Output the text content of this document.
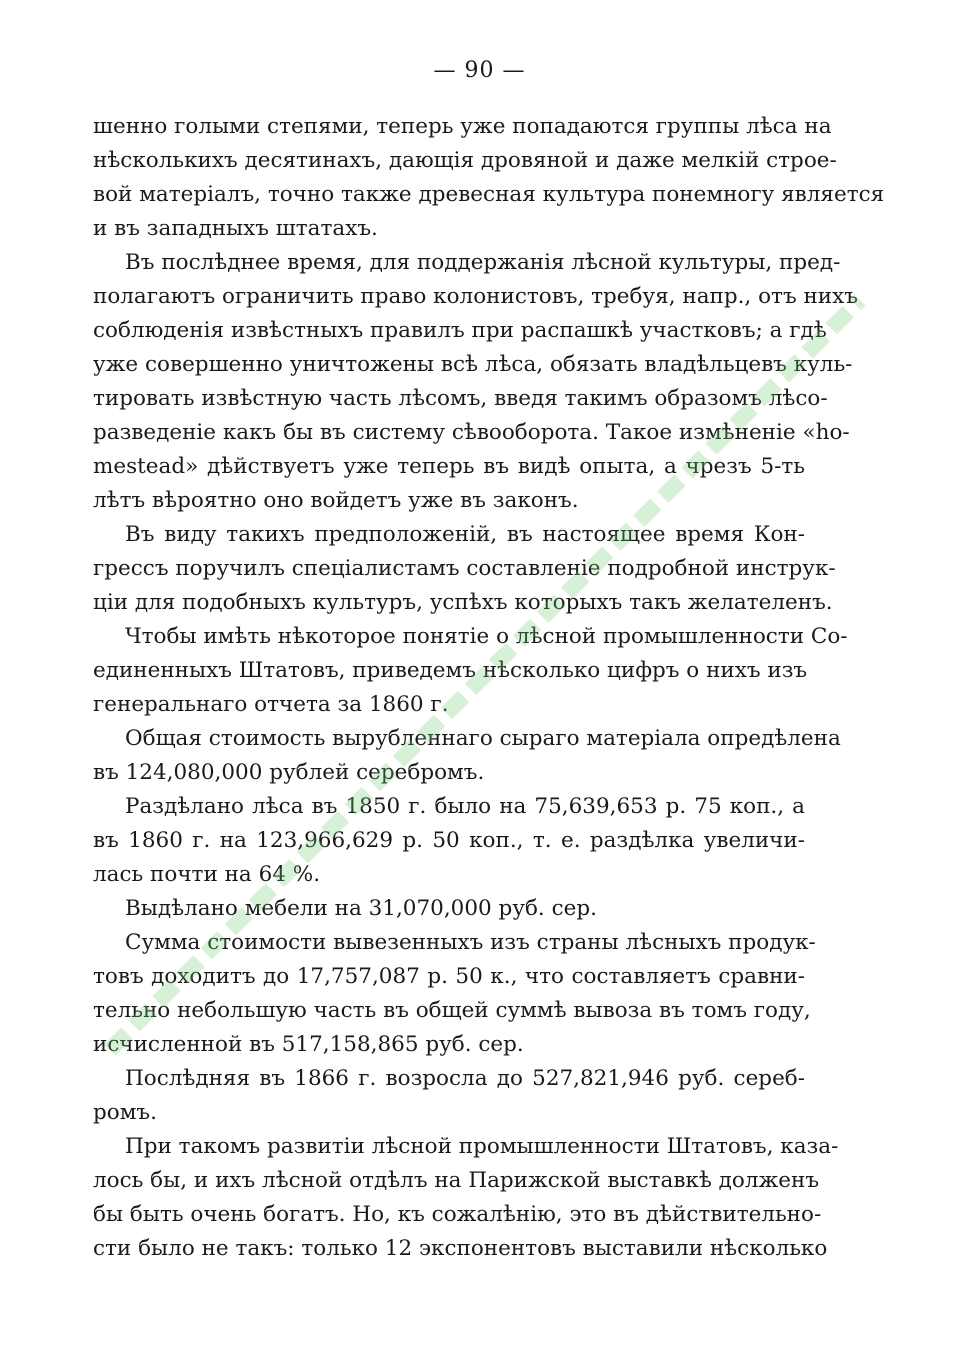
— 90 —
шенно голыми степями, теперь уже попадаются группы лѣса на
нѣсколькихъ десятинахъ, дающія дровяной и даже мелкій строе-
вой матеріалъ, точно также древесная культура понемногу является
и въ западныхъ штатахъ.
Въ послѣднее время, для поддержанія лѣсной культуры, пред-
полагаютъ ограничить право колонистовъ, требуя, напр., отъ нихъ
соблюденія извѣстныхъ правилъ при распашкѣ участковъ; а гдѣ
уже совершенно уничтожены всѣ лѣса, обязать владѣльцевъ куль-
тировать извѣстную часть лѣсомъ, введя такимъ образомъ лѣсо-
разведеніе какъ бы въ систему сѣвооборота. Такое измѣненіе «ho-
mestead» дѣйствуетъ уже теперь въ видѣ опыта, а чрезъ 5-ть
лѣтъ вѣроятно оно войдетъ уже въ законъ.
Въ виду такихъ предположеній, въ настоящее время Кон-
грессъ поручилъ спеціалистамъ составленіе подробной инструк-
ціи для подобныхъ культуръ, успѣхъ которыхъ такъ желателенъ.
Чтобы имѣть нѣкоторое понятіе о лѣсной промышленности Со-
единенныхъ Штатовъ, приведемъ нѣсколько цифръ о нихъ изъ
генеральнаго отчета за 1860 г.
Общая стоимость вырубленнаго сыраго матеріала опредѣлена
въ 124,080,000 рублей серебромъ.
Раздѣлано лѣса въ 1850 г. было на 75,639,653 р. 75 коп., а
въ 1860 г. на 123,966,629 р. 50 коп., т. е. раздѣлка увеличи-
лась почти на 64 %.
Выдѣлано мебели на 31,070,000 руб. сер.
Сумма стоимости вывезенныхъ изъ страны лѣсныхъ продук-
товъ доходитъ до 17,757,087 р. 50 к., что составляетъ сравни-
тельно небольшую часть въ общей суммѣ вывоза въ томъ году,
исчисленной въ 517,158,865 руб. сер.
Послѣдняя въ 1866 г. возросла до 527,821,946 руб. сереб-
ромъ.
При такомъ развитіи лѣсной промышленности Штатовъ, каза-
лось бы, и ихъ лѣсной отдѣлъ на Парижской выставкѣ долженъ
бы быть очень богатъ. Но, къ сожалѣнію, это въ дѣйствительно-
сти было не такъ: только 12 экспонентовъ выставили нѣсколько
